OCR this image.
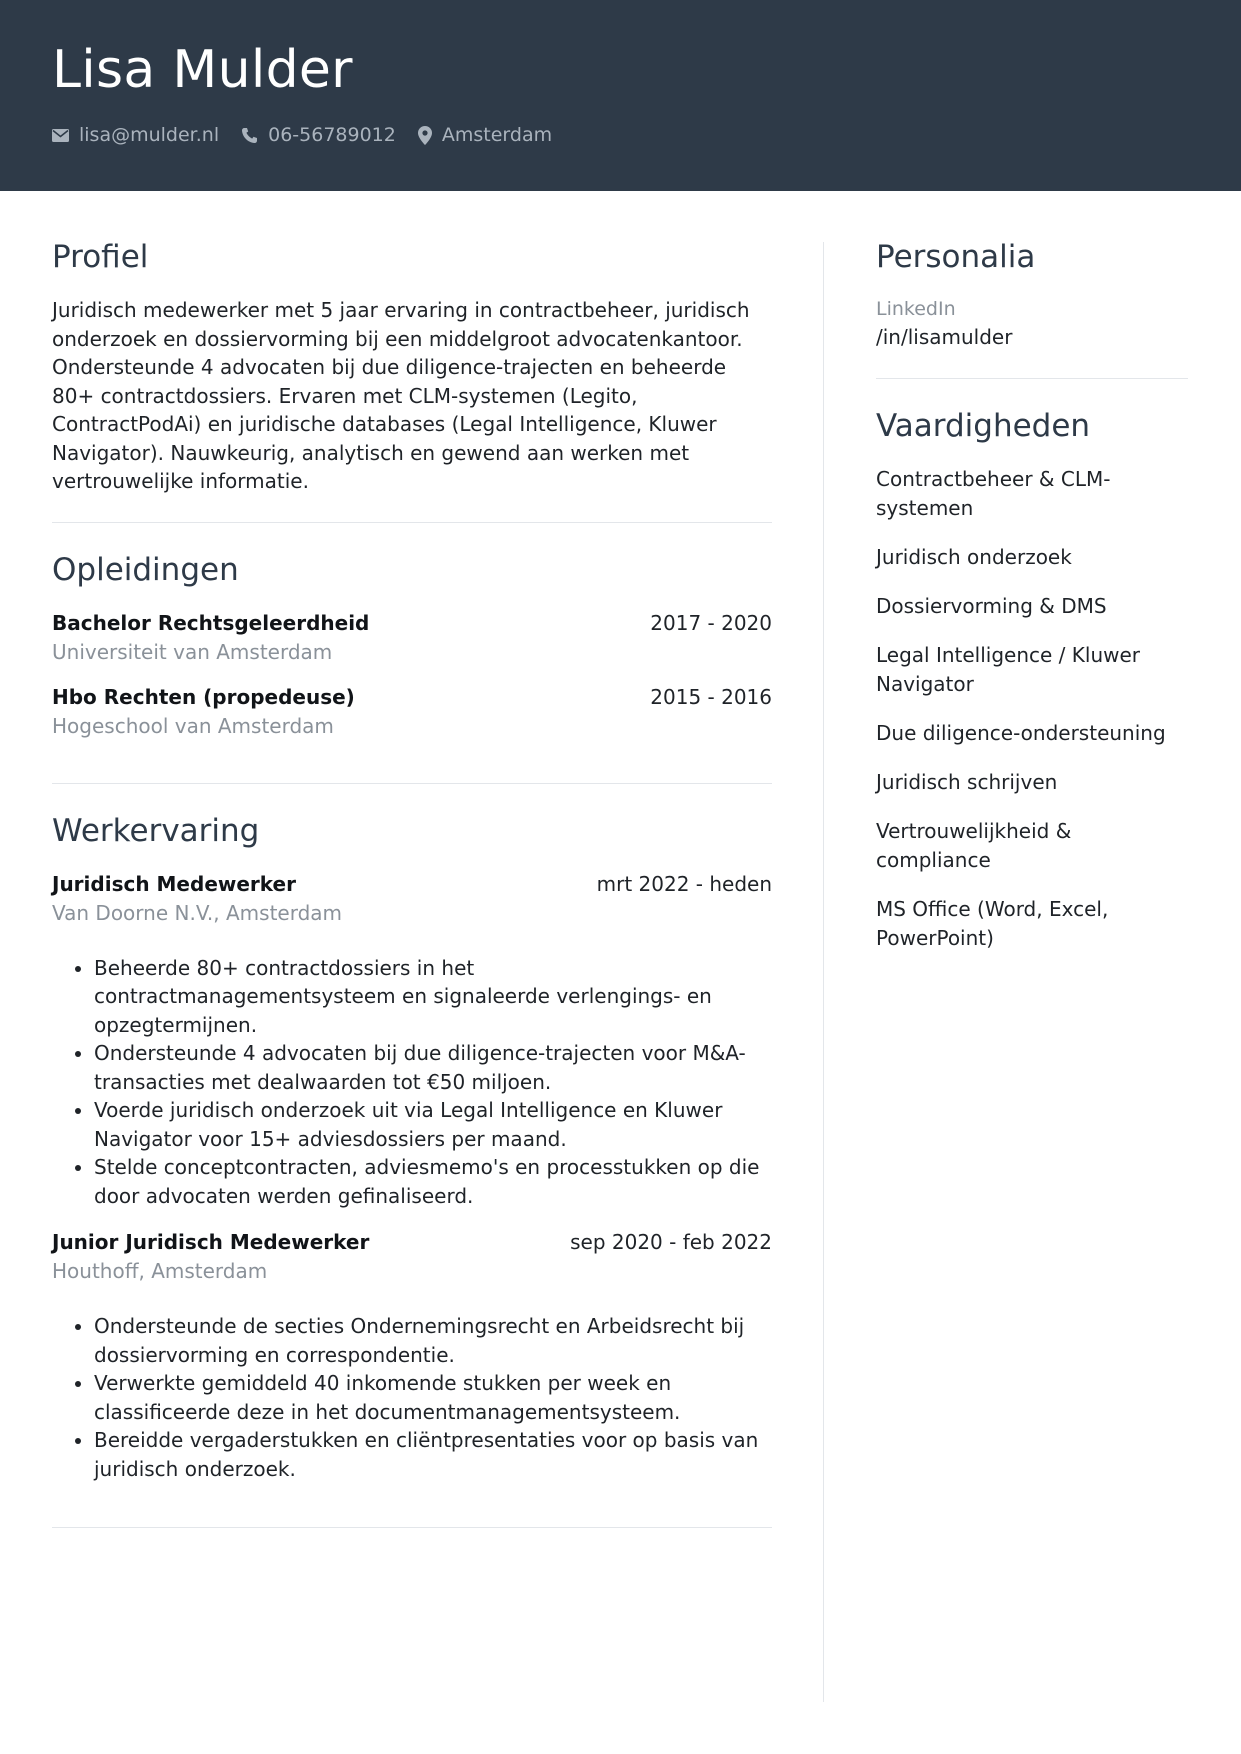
Lisa Mulder
lisa@mulder.nl	06-56789012 Amsterdam
Profiel

Juridisch medewerker met 5 jaar ervaring in contractbeheer, juridisch onderzoek en dossiervorming bij een middelgroot advocatenkantoor. Ondersteunde 4 advocaten bij due diligence-trajecten en beheerde 80+ contractdossiers. Ervaren met CLM-systemen (Legito, ContractPodAi) en juridische databases (Legal Intelligence, Kluwer Navigator). Nauwkeurig, analytisch en gewend aan werken met vertrouwelijke informatie.

Opleidingen
Bachelor Rechtsgeleerdheid	2017 - 2020
Universiteit van Amsterdam
Hbo Rechten (propedeuse)	2015 - 2016
Hogeschool van Amsterdam
Werkervaring
Juridisch Medewerker	mrt 2022 - heden
Van Doorne N.V., Amsterdam
• Beheerde 80+ contractdossiers in het contractmanagementsysteem en signaleerde verlengings- en opzegtermijnen.
• Ondersteunde 4 advocaten bij due diligence-trajecten voor M&A-transacties met dealwaarden tot €50 miljoen.
• Voerde juridisch onderzoek uit via Legal Intelligence en Kluwer Navigator voor 15+ adviesdossiers per maand.
• Stelde conceptcontracten, adviesmemo's en processtukken op die door advocaten werden gefinaliseerd.
Junior Juridisch Medewerker	sep 2020 - feb 2022
Houthoff, Amsterdam
• Ondersteunde de secties Ondernemingsrecht en Arbeidsrecht bij dossiervorming en correspondentie.
• Verwerkte gemiddeld 40 inkomende stukken per week en classificeerde deze in het documentmanagementsysteem.
• Bereidde vergaderstukken en cliëntpresentaties voor op basis van juridisch onderzoek.
Personalia
LinkedIn
/in/lisamulder
Vaardigheden
Contractbeheer & CLM-systemen
Juridisch onderzoek
Dossiervorming & DMS
Legal Intelligence / Kluwer Navigator
Due diligence-ondersteuning
Juridisch schrijven
Vertrouwelijkheid & compliance
MS Office (Word, Excel, PowerPoint)
